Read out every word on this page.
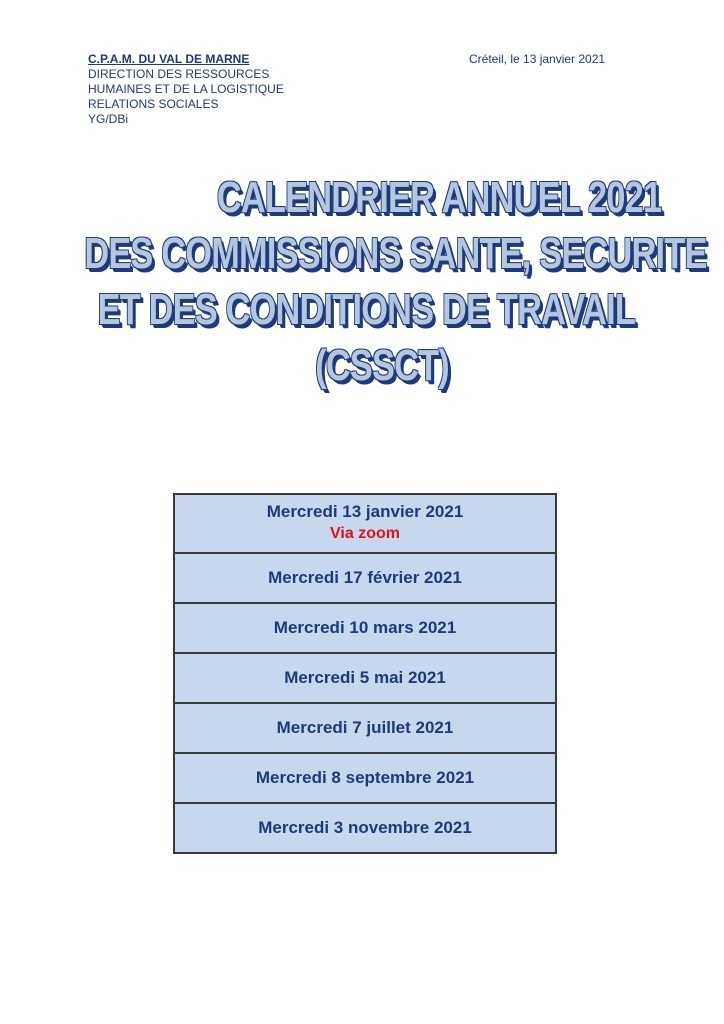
C.P.A.M. DU VAL DE MARNE
DIRECTION DES RESSOURCES
HUMAINES ET DE LA LOGISTIQUE
RELATIONS SOCIALES
YG/DBi
Créteil, le 13 janvier 2021
CALENDRIER ANNUEL 2021
DES COMMISSIONS SANTE, SECURITE
ET DES CONDITIONS DE TRAVAIL
(CSSCT)
Mercredi 13 janvier 2021
Via zoom

Mercredi 17 février 2021
Mercredi 10 mars 2021
Mercredi 5 mai 2021
Mercredi 7 juillet 2021
Mercredi 8 septembre 2021
Mercredi 3 novembre 2021
